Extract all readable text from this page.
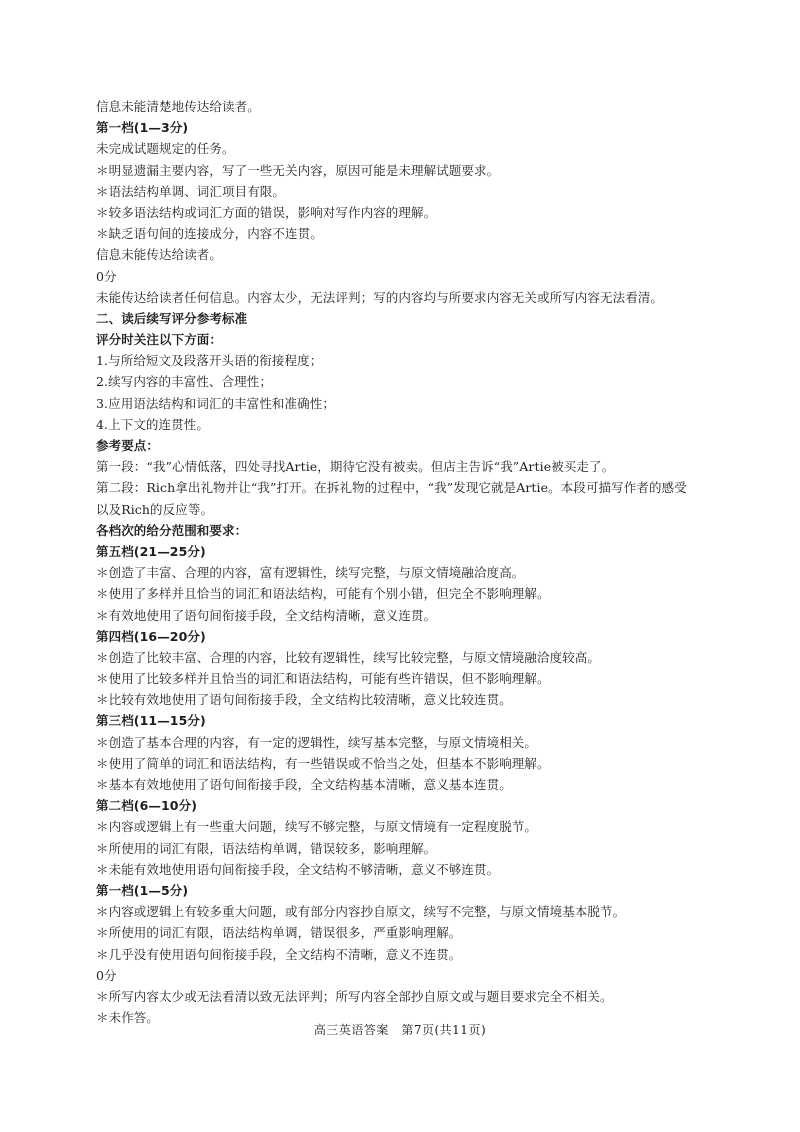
信息未能清楚地传达给读者。
第一档(1—3分)
未完成试题规定的任务。
＊明显遗漏主要内容，写了一些无关内容，原因可能是未理解试题要求。
＊语法结构单调、词汇项目有限。
＊较多语法结构或词汇方面的错误，影响对写作内容的理解。
＊缺乏语句间的连接成分，内容不连贯。
信息未能传达给读者。
0分
未能传达给读者任何信息。内容太少，无法评判；写的内容均与所要求内容无关或所写内容无法看清。
二、读后续写评分参考标准
评分时关注以下方面：
1.与所给短文及段落开头语的衔接程度；
2.续写内容的丰富性、合理性；
3.应用语法结构和词汇的丰富性和准确性；
4.上下文的连贯性。
参考要点：
第一段：“我”心情低落，四处寻找Artie，期待它没有被卖。但店主告诉“我”Artie被买走了。
第二段：Rich拿出礼物并让“我”打开。在拆礼物的过程中，“我”发现它就是Artie。本段可描写作者的感受
以及Rich的反应等。
各档次的给分范围和要求：
第五档(21—25分)
＊创造了丰富、合理的内容，富有逻辑性，续写完整，与原文情境融洽度高。
＊使用了多样并且恰当的词汇和语法结构，可能有个别小错，但完全不影响理解。
＊有效地使用了语句间衔接手段，全文结构清晰，意义连贯。
第四档(16—20分)
＊创造了比较丰富、合理的内容，比较有逻辑性，续写比较完整，与原文情境融洽度较高。
＊使用了比较多样并且恰当的词汇和语法结构，可能有些许错误，但不影响理解。
＊比较有效地使用了语句间衔接手段，全文结构比较清晰，意义比较连贯。
第三档(11—15分)
＊创造了基本合理的内容，有一定的逻辑性，续写基本完整，与原文情境相关。
＊使用了简单的词汇和语法结构，有一些错误或不恰当之处，但基本不影响理解。
＊基本有效地使用了语句间衔接手段，全文结构基本清晰，意义基本连贯。
第二档(6—10分)
＊内容或逻辑上有一些重大问题，续写不够完整，与原文情境有一定程度脱节。
＊所使用的词汇有限，语法结构单调，错误较多，影响理解。
＊未能有效地使用语句间衔接手段，全文结构不够清晰，意义不够连贯。
第一档(1—5分)
＊内容或逻辑上有较多重大问题，或有部分内容抄自原文，续写不完整，与原文情境基本脱节。
＊所使用的词汇有限，语法结构单调，错误很多，严重影响理解。
＊几乎没有使用语句间衔接手段，全文结构不清晰，意义不连贯。
0分
＊所写内容太少或无法看清以致无法评判；所写内容全部抄自原文或与题目要求完全不相关。
＊未作答。
高三英语答案　第7页(共11页)
